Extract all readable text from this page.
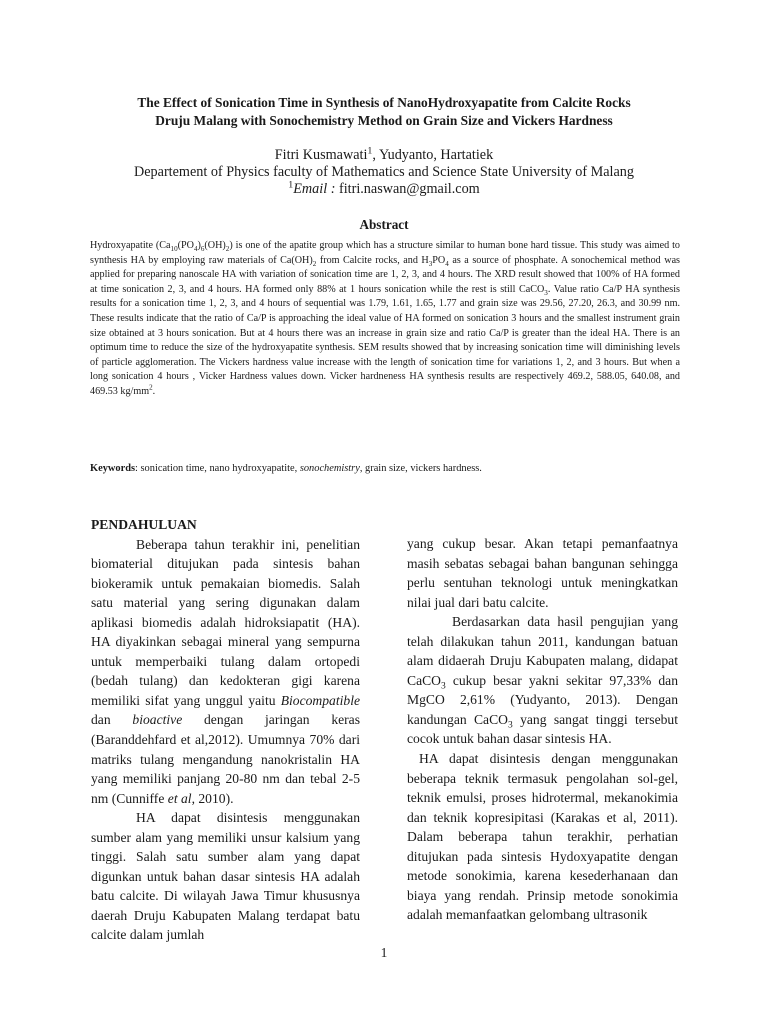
The Effect of Sonication Time in Synthesis of NanoHydroxyapatite from Calcite Rocks
Druju Malang with Sonochemistry Method on Grain Size and Vickers Hardness

Fitri Kusmawati$^1$, Yudyanto, Hartatiek

Departement of Physics faculty of Mathematics and Science State University of Malang

$^1$Email : fitri.naswan@gmail.com

Abstract

Hydroxyapatite $(Ca_{10}(PO_4)_6(OH)_2)$ is one of the apatite group which has a structure similar to human bone hard tissue. This study was aimed to synthesis HA by employing raw materials of $Ca(OH)_2$ from Calcite rocks, and $H_3PO_4$ as a source of phosphate. A sonochemical method was applied for preparing nanoscale HA with variation of sonication time are 1, 2, 3, and 4 hours. The XRD result showed that 100% of HA formed at time sonication 2, 3, and 4 hours. HA formed only 88% at 1 hours sonication while the rest is still CaCO$_3$. Value ratio Ca/P HA synthesis results for a sonication time 1, 2, 3, and 4 hours of sequential was 1.79, 1.61, 1.65, 1.77 and grain size was 29.56, 27.20, 26.3, and 30.99 nm. These results indicate that the ratio of Ca/P is approaching the ideal value of HA formed on sonication 3 hours and the smallest instrument grain size obtained at 3 hours sonication. But at 4 hours there was an increase in grain size and ratio Ca/P is greater than the ideal HA. There is an optimum time to reduce the size of the hydroxyapatite synthesis. SEM results showed that by increasing sonication time will diminishing levels of particle agglomeration. The Vickers hardness value increase with the length of sonication time for variations 1, 2, and 3 hours. But when a long sonication 4 hours , Vicker Hardness values down. Vicker hardneness HA synthesis results are respectively 469.2, 588.05, 640.08, and 469.53 $kg/mm^2$.

Keywords: sonication time, nano hydroxyapatite, sonochemistry, grain size, vickers hardness.

PENDAHULUAN

Beberapa tahun terakhir ini, penelitian biomaterial ditujukan pada sintesis bahan biokeramik untuk pemakaian biomedis. Salah satu material yang sering digunakan dalam aplikasi biomedis adalah hidroksiapatit (HA). HA diyakinkan sebagai mineral yang sempurna untuk memperbaiki tulang dalam ortopedi (bedah tulang) dan kedokteran gigi karena memiliki sifat yang unggul yaitu Biocompatible dan bioactive dengan jaringan keras (Baranddehfard et al,2012). Umumnya 70% dari matriks tulang mengandung nanokristalin HA yang memiliki panjang 20-80 nm dan tebal 2-5 nm (Cunniffe et al, 2010).

HA dapat disintesis menggunakan sumber alam yang memiliki unsur kalsium yang tinggi. Salah satu sumber alam yang dapat digunkan untuk bahan dasar sintesis HA adalah batu calcite. Di wilayah Jawa Timur khususnya daerah Druju Kabupaten Malang terdapat batu calcite dalam jumlah

yang cukup besar. Akan tetapi pemanfaatnya masih sebatas sebagai bahan bangunan sehingga perlu sentuhan teknologi untuk meningkatkan nilai jual dari batu calcite.

Berdasarkan data hasil pengujian yang telah dilakukan tahun 2011, kandungan batuan alam didaerah Druju Kabupaten malang, didapat CaCO$_3$ cukup besar yakni sekitar 97,33% dan MgCO 2,61% (Yudyanto, 2013). Dengan kandungan CaCO$_3$ yang sangat tinggi tersebut cocok untuk bahan dasar sintesis HA.

HA dapat disintesis dengan menggunakan beberapa teknik termasuk pengolahan sol-gel, teknik emulsi, proses hidrotermal, mekanokimia dan teknik kopresipitasi (Karakas et al, 2011). Dalam beberapa tahun terakhir, perhatian ditujukan pada sintesis Hydoxyapatite dengan metode sonokimia, karena kesederhanaan dan biaya yang rendah. Prinsip metode sonokimia adalah memanfaatkan gelombang ultrasonik

1
